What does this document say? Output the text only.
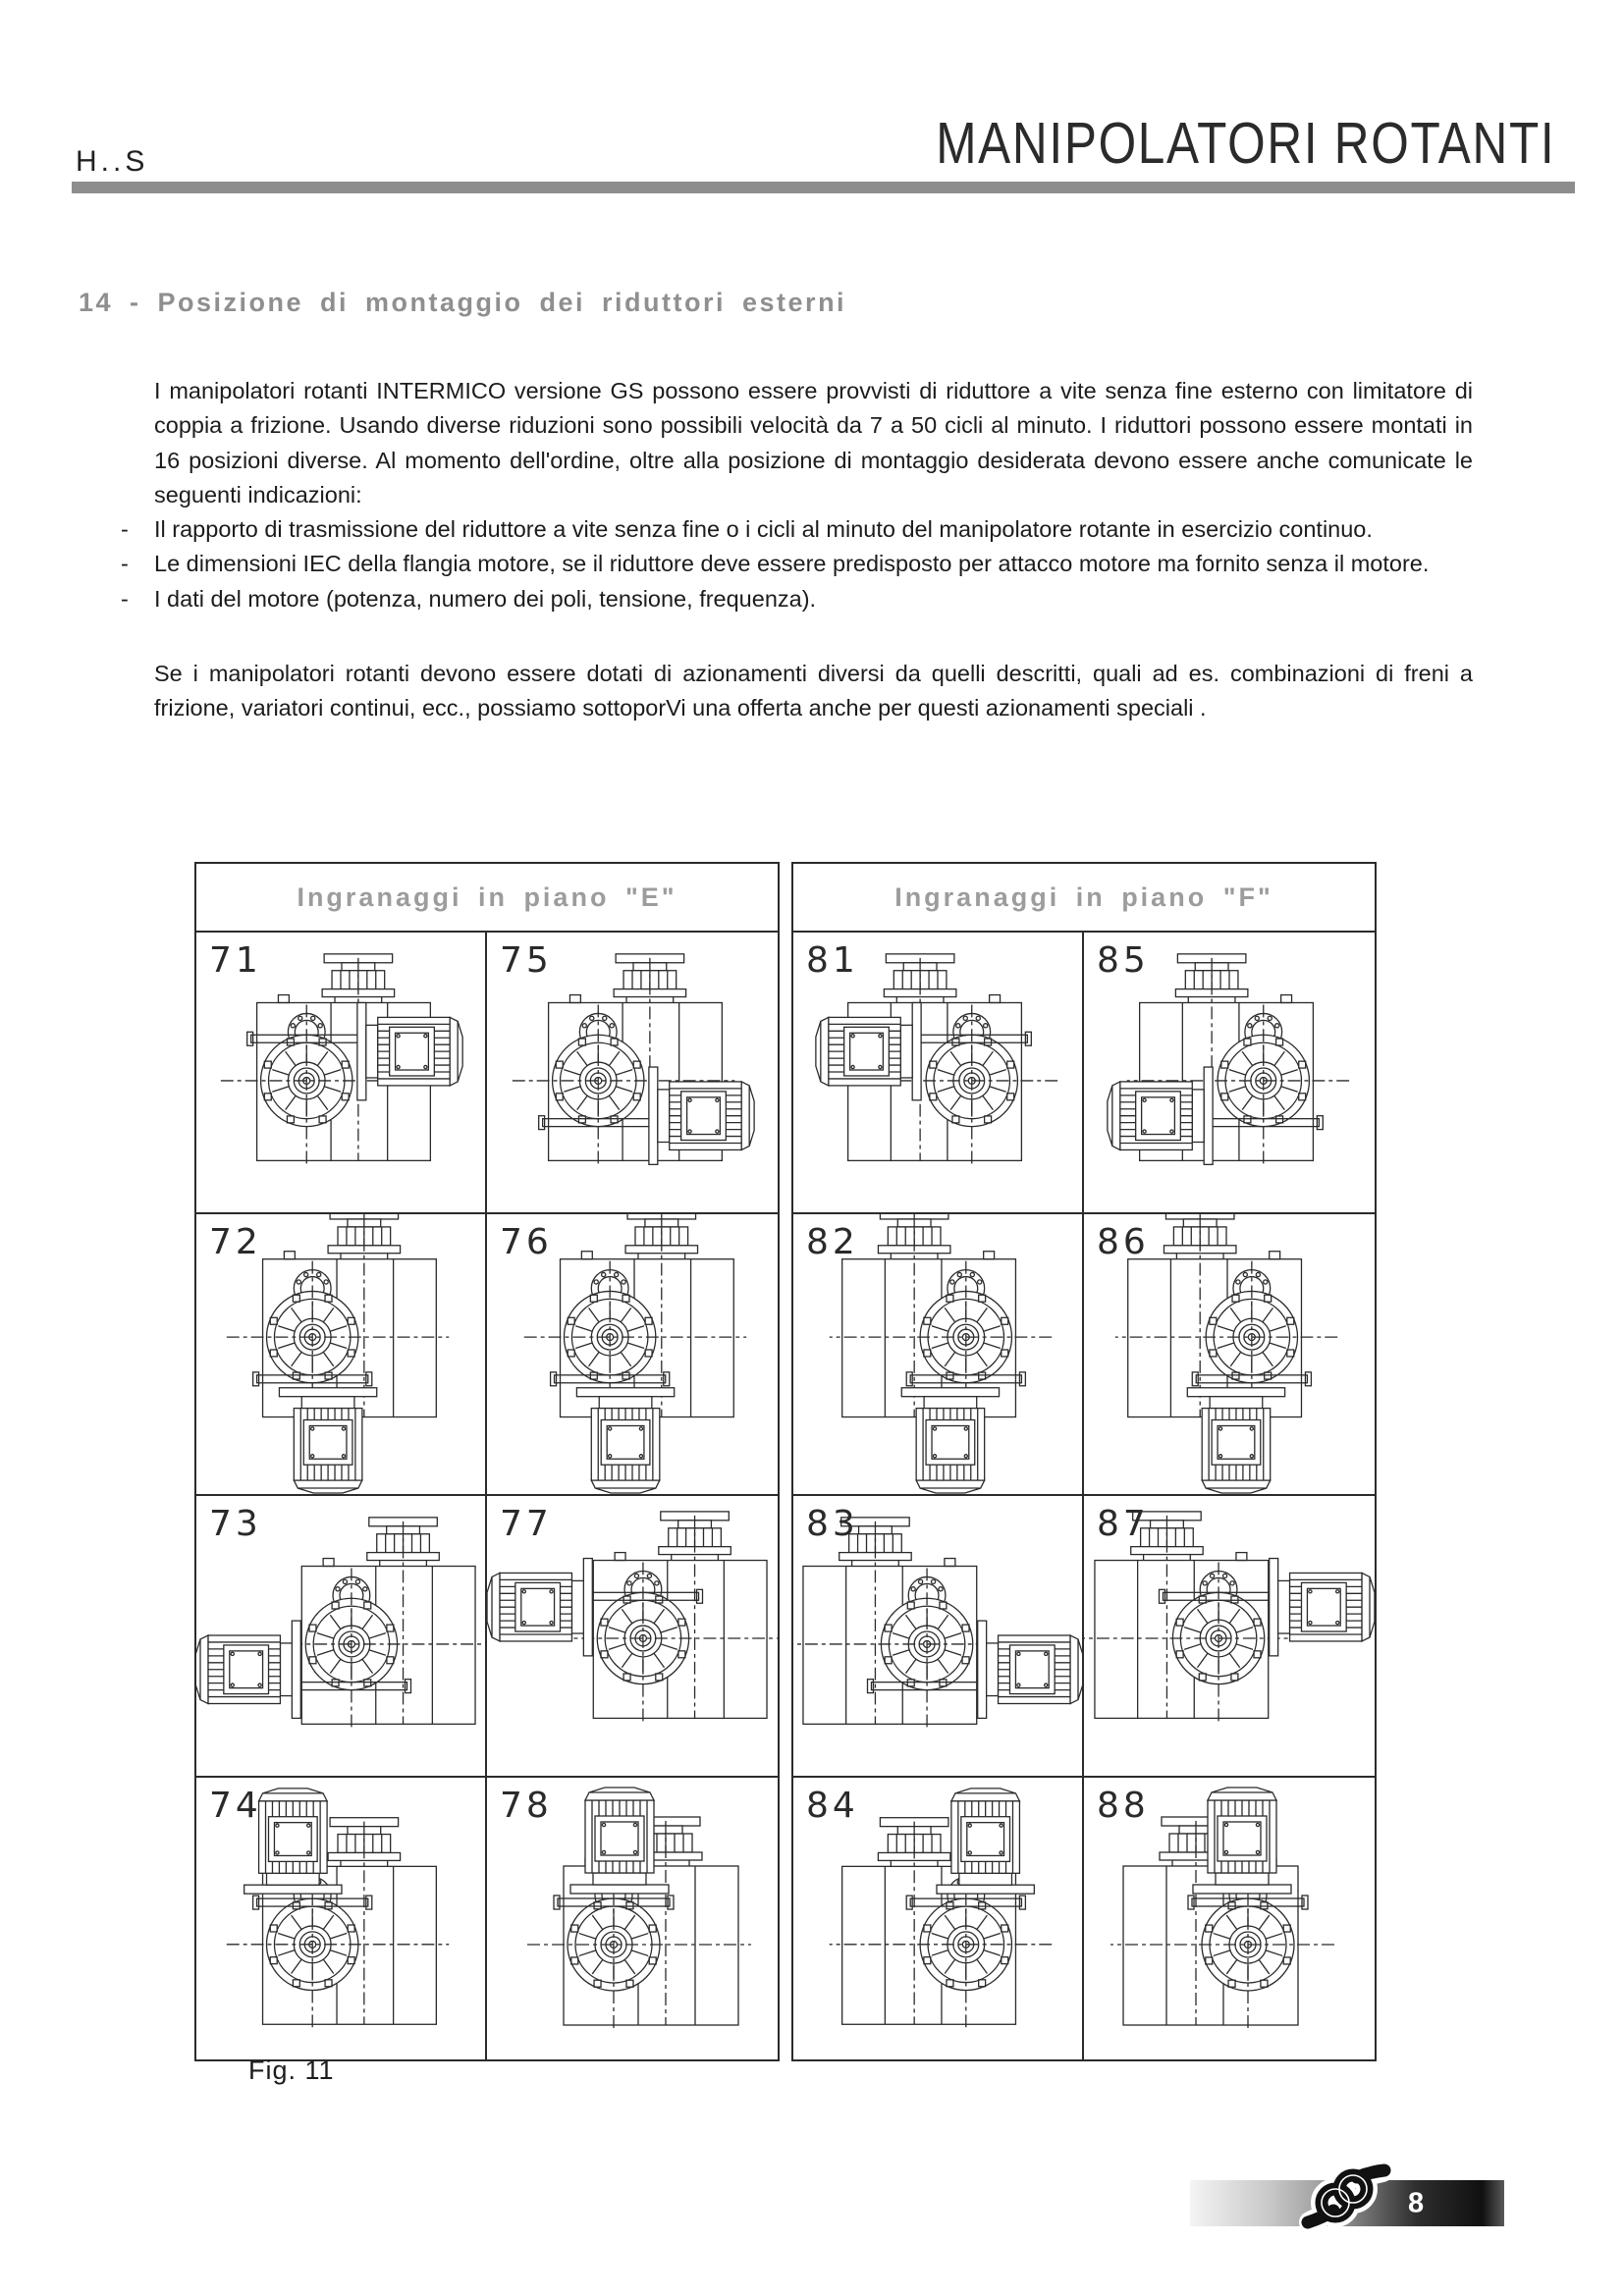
H..S	MANIPOLATORI ROTANTI
14 - Posizione di montaggio dei riduttori esterni

I manipolatori rotanti INTERMICO versione GS possono essere provvisti di riduttore a vite senza fine esterno con limitatore di coppia a frizione. Usando diverse riduzioni sono possibili velocità da 7 a 50 cicli al minuto. I riduttori possono essere montati in 16 posizioni diverse. Al momento dell'ordine, oltre alla posizione di montaggio desiderata devono essere anche comunicate le seguenti indicazioni:

- Il rapporto di trasmissione del riduttore a vite senza fine o i cicli al minuto del manipolatore rotante in esercizio continuo.
- Le dimensioni IEC della flangia motore, se il riduttore deve essere predisposto per attacco motore ma fornito senza il motore.
- I dati del motore (potenza, numero dei poli, tensione, frequenza).

Se i manipolatori rotanti devono essere dotati di azionamenti diversi da quelli descritti, quali ad es. combinazioni di freni a frizione, variatori continui, ecc., possiamo sottoporVi una offerta anche per questi azionamenti speciali .

Ingranaggi in piano "E"
71	75
72	76
73	77
74	78
Ingranaggi in piano "F"
81	85
82	86
83	87
84	88
Fig. 11
8
